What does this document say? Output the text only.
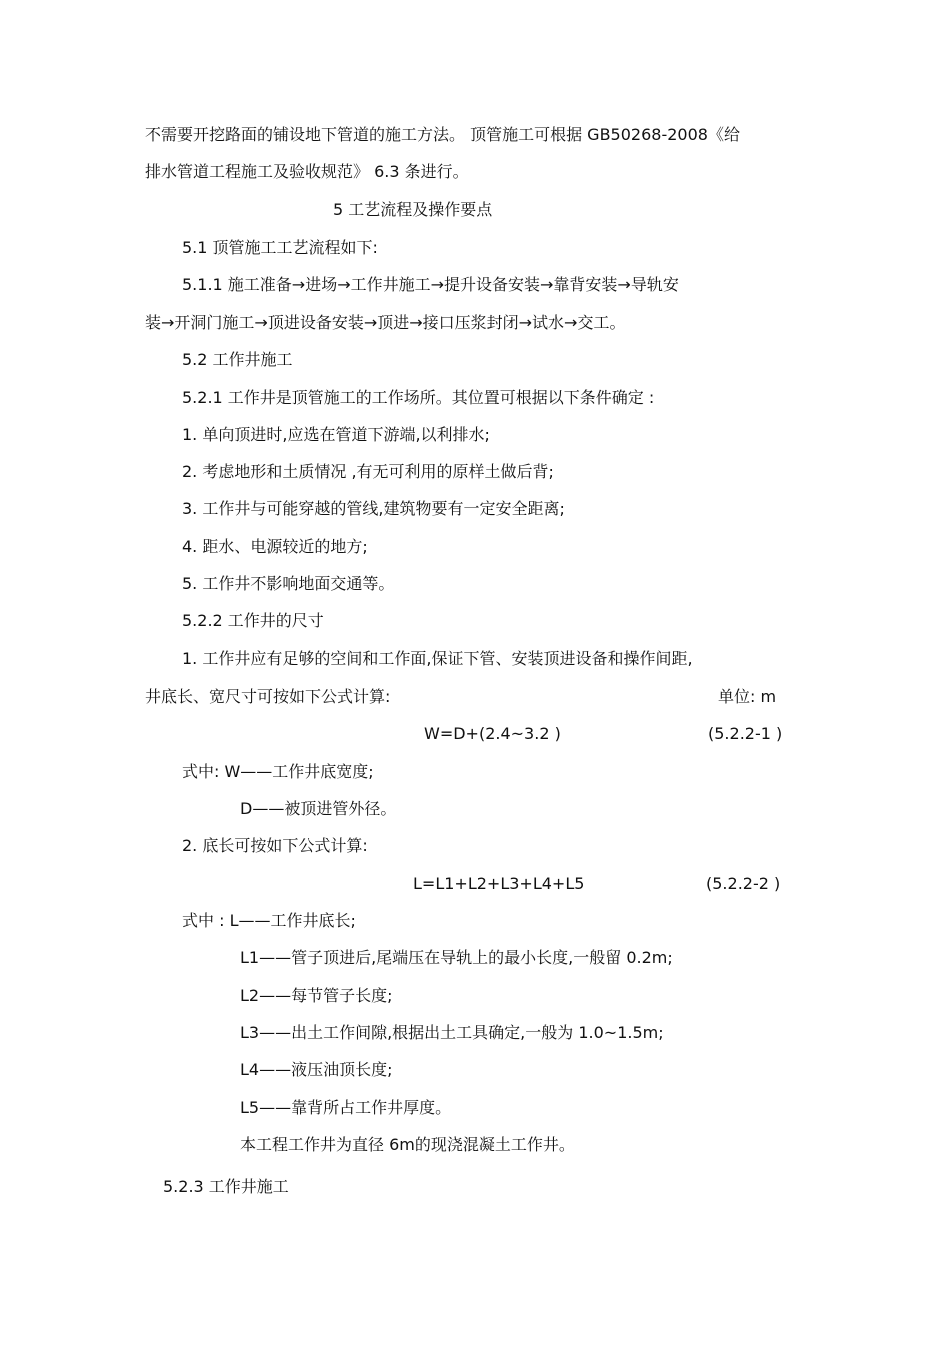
不需要开挖路面的铺设地下管道的施工方法。 顶管施工可根据 GB50268-2008《给

排水管道工程施工及验收规范》 6.3 条进行。

5 工艺流程及操作要点

5.1 顶管施工工艺流程如下:

5.1.1 施工准备→进场→工作井施工→提升设备安装→靠背安装→导轨安

装→开洞门施工→顶进设备安装→顶进→接口压浆封闭→试水→交工。

5.2 工作井施工

5.2.1 工作井是顶管施工的工作场所。其位置可根据以下条件确定 :

1. 单向顶进时,应选在管道下游端,以利排水;

2. 考虑地形和土质情况 ,有无可利用的原样土做后背;

3. 工作井与可能穿越的管线,建筑物要有一定安全距离;

4. 距水、电源较近的地方;

5. 工作井不影响地面交通等。

5.2.2 工作井的尺寸

1. 工作井应有足够的空间和工作面,保证下管、安装顶进设备和操作间距,

井底长、宽尺寸可按如下公式计算:	单位: m

W=D+(2.4~3.2 )	(5.2.2-1 )

式中: W——工作井底宽度;

D——被顶进管外径。

2. 底长可按如下公式计算:

L=L1+L2+L3+L4+L5	(5.2.2-2 )

式中 : L——工作井底长;

L1——管子顶进后,尾端压在导轨上的最小长度,一般留 0.2m;

L2——每节管子长度;

L3——出土工作间隙,根据出土工具确定,一般为 1.0~1.5m;

L4——液压油顶长度;

L5——靠背所占工作井厚度。

本工程工作井为直径 6m的现浇混凝土工作井。

5.2.3 工作井施工
